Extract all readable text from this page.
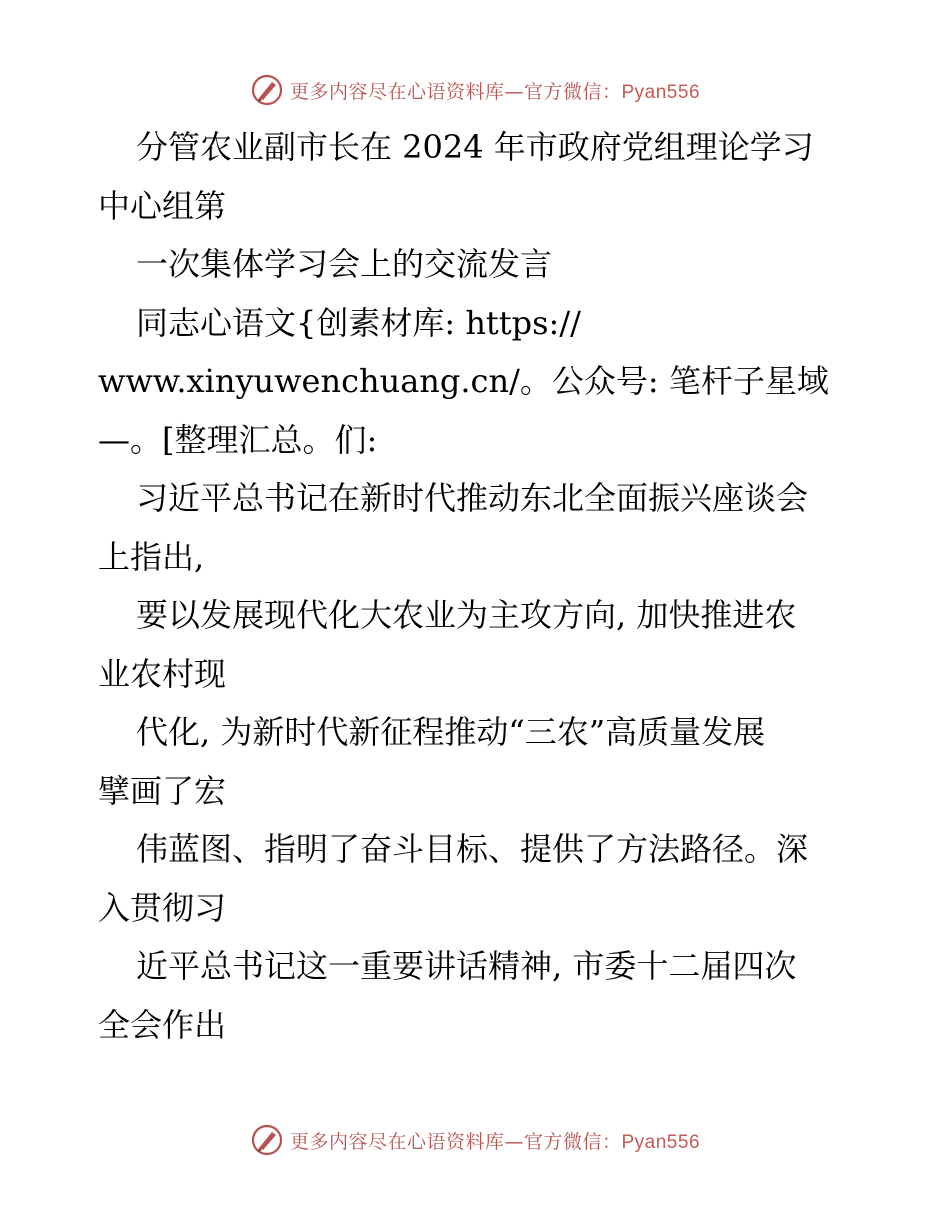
更多内容尽在心语资料库—官方微信：Pyan556
分管农业副市长在 2024 年市政府党组理论学习
中心组第
一次集体学习会上的交流发言
同志心语文{创素材库: https://
www.xinyuwenchuang.cn/。公众号: 笔杆子星域
—。[整理汇总。们:
习近平总书记在新时代推动东北全面振兴座谈会
上指出,
要以发展现代化大农业为主攻方向, 加快推进农
业农村现
代化, 为新时代新征程推动“三农”高质量发展
擘画了宏
伟蓝图、指明了奋斗目标、提供了方法路径。深
入贯彻习
近平总书记这一重要讲话精神, 市委十二届四次
全会作出
更多内容尽在心语资料库—官方微信：Pyan556
